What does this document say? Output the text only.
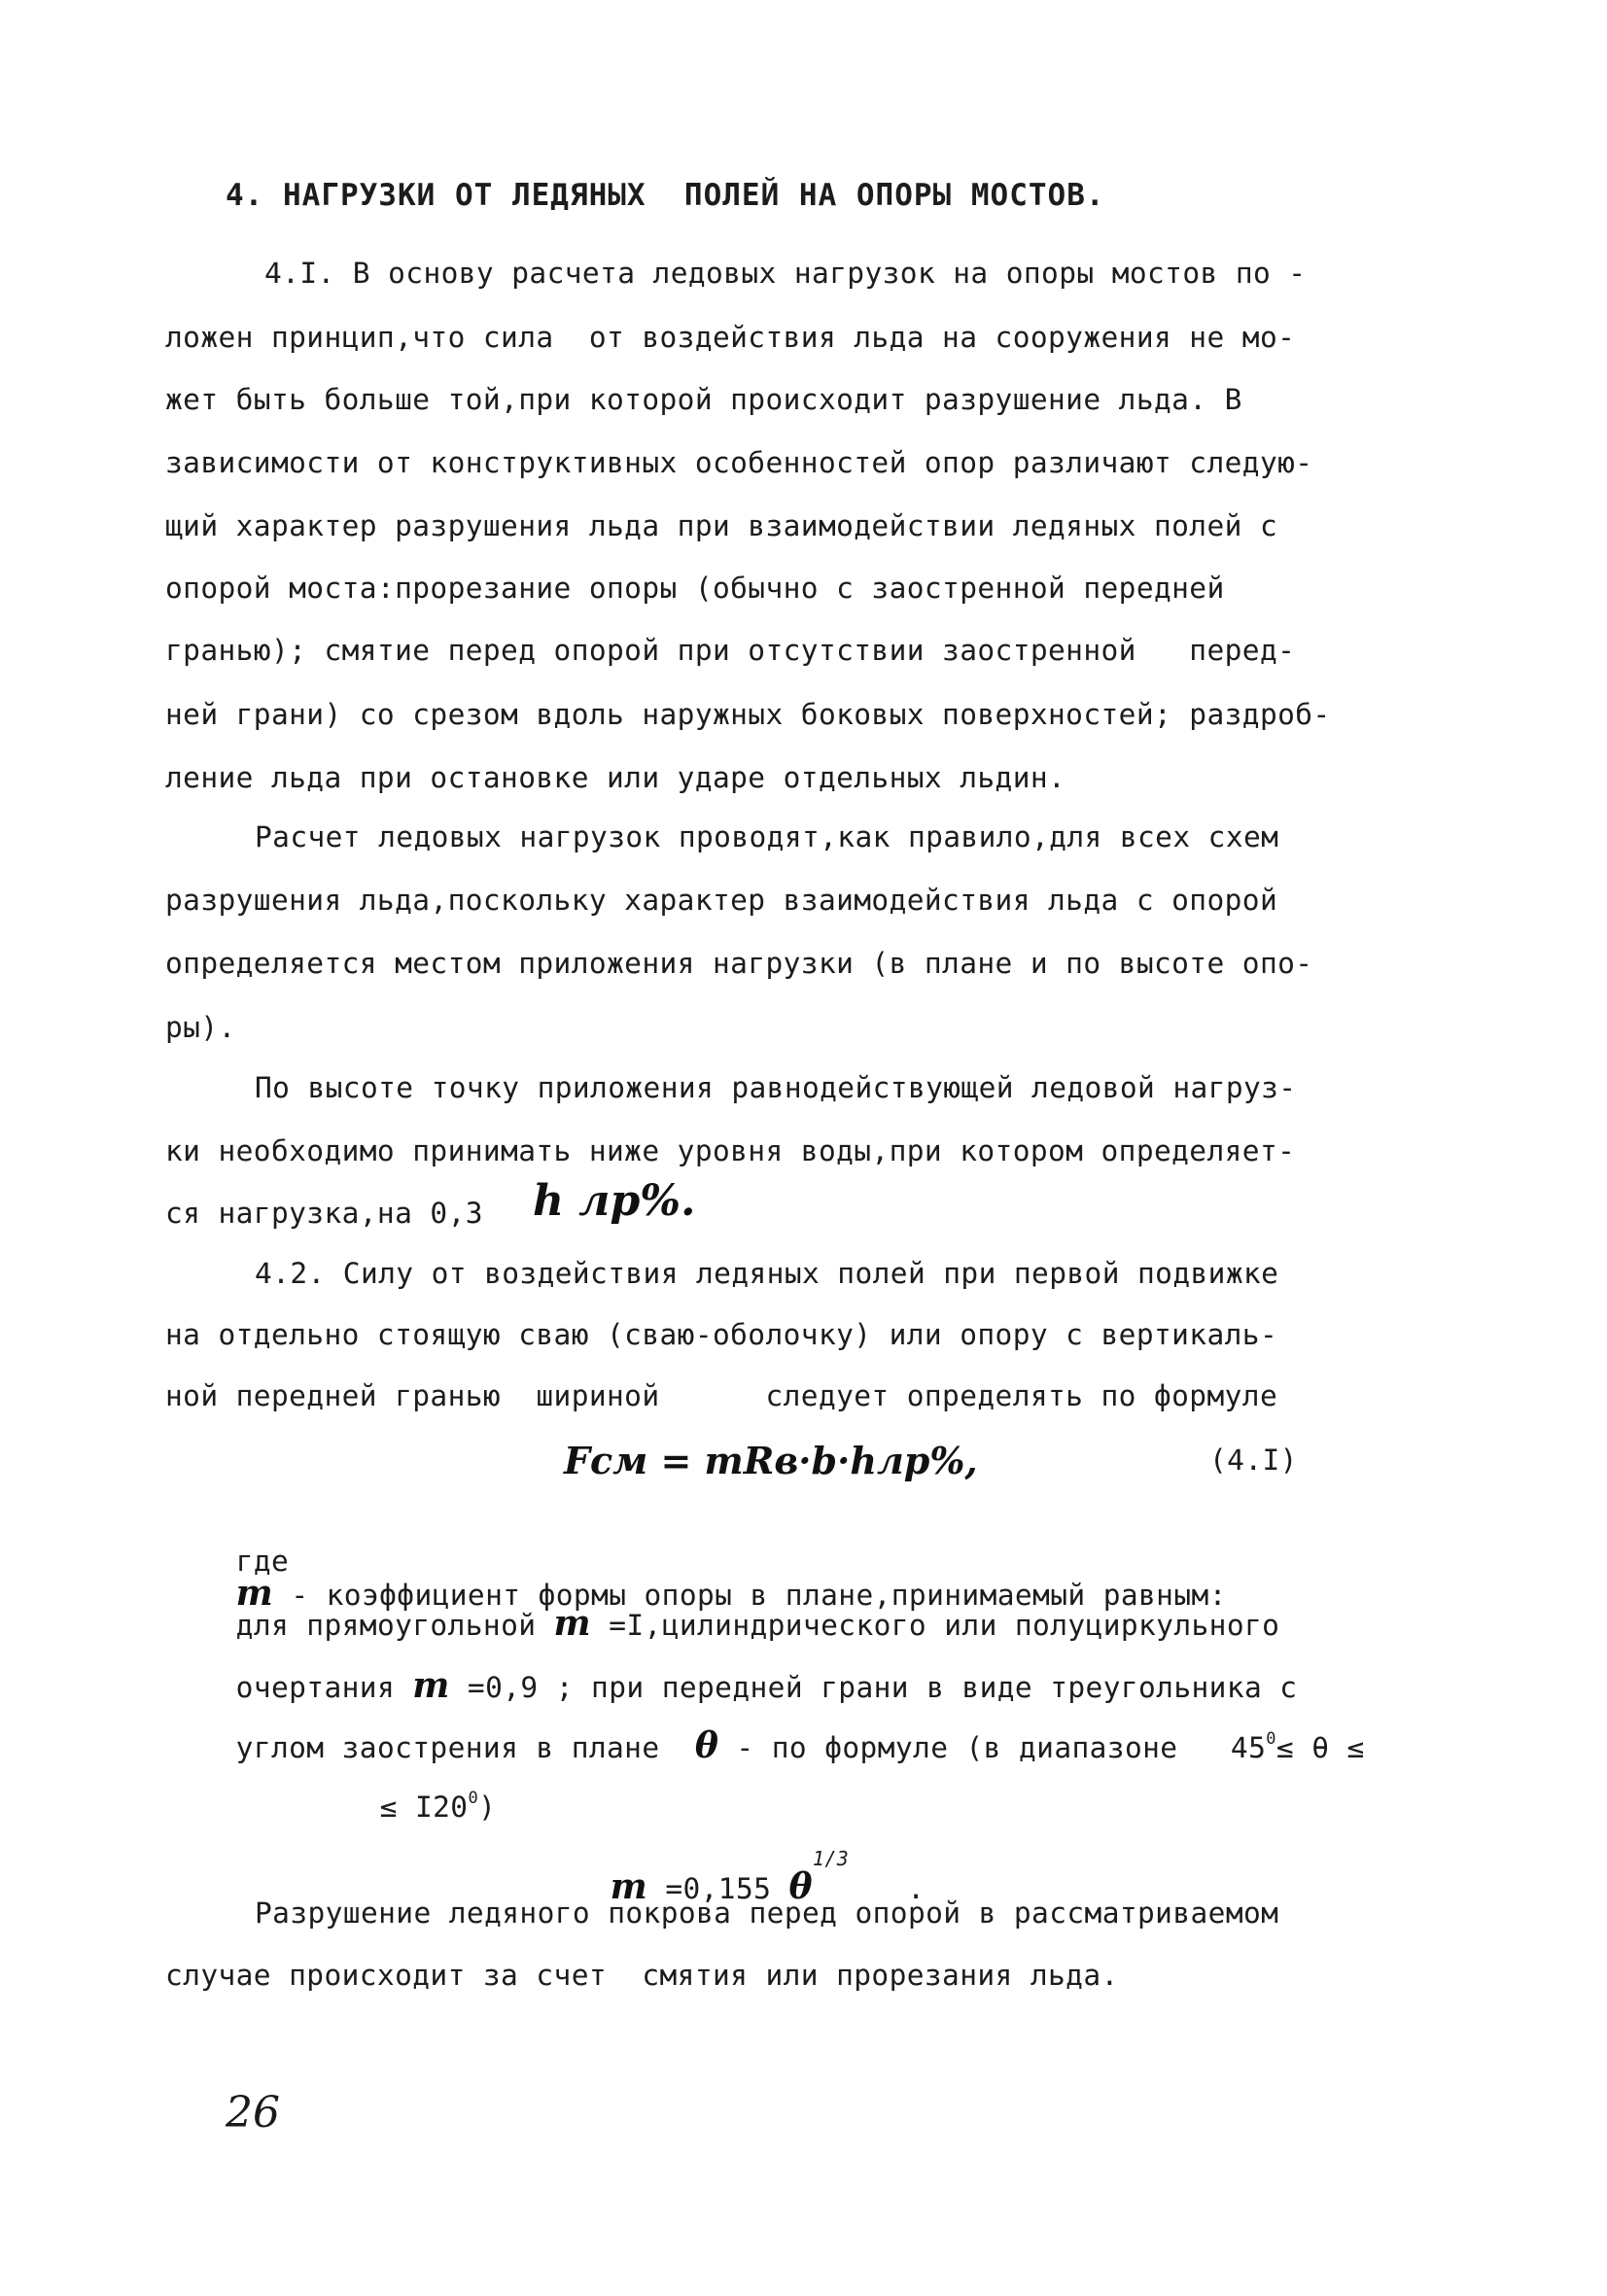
4. НАГРУЗКИ ОТ ЛЕДЯНЫХ  ПОЛЕЙ НА ОПОРЫ МОСТОВ.
4.I. В основу расчета ледовых нагрузок на опоры мостов по -
ложен принцип,что сила  от воздействия льда на сооружения не мо-
жет быть больше той,при которой происходит разрушение льда. В
зависимости от конструктивных особенностей опор различают следую-
щий характер разрушения льда при взаимодействии ледяных полей с
опорой моста:прорезание опоры (обычно с заостренной передней
гранью); смятие перед опорой при отсутствии заостренной   перед-
ней грани) со срезом вдоль наружных боковых поверхностей; раздроб-
ление льда при остановке или ударе отдельных льдин.
Расчет ледовых нагрузок проводят,как правило,для всех схем
разрушения льда,поскольку характер взаимодействия льда с опорой
определяется местом приложения нагрузки (в плане и по высоте опо-
ры).
По высоте точку приложения равнодействующей ледовой нагруз-
ки необходимо принимать ниже уровня воды,при котором определяет-
ся нагрузка,на 0,3 h лр%.
4.2. Силу от воздействия ледяных полей при первой подвижке
на отдельно стоящую сваю (сваю-оболочку) или опору с вертикаль-
ной передней гранью  шириной      следует определять по формуле
Fcм = mRв·b·hлр%,	(4.I)

где
m - коэффициент формы опоры в плане,принимаемый равным:

для прямоугольной m =I,цилиндрического или полуциркульного

очертания m =0,9 ; при передней грани в виде треугольника с

углом заострения в плане  θ - по формуле (в диапазоне   $45^0\le \theta$ ≤

≤ $I20^0$)

m =0,155 $\theta^{1/3}$.

Разрушение ледяного покрова перед опорой в рассматриваемом
случае происходит за счет  смятия или прорезания льда.
26
